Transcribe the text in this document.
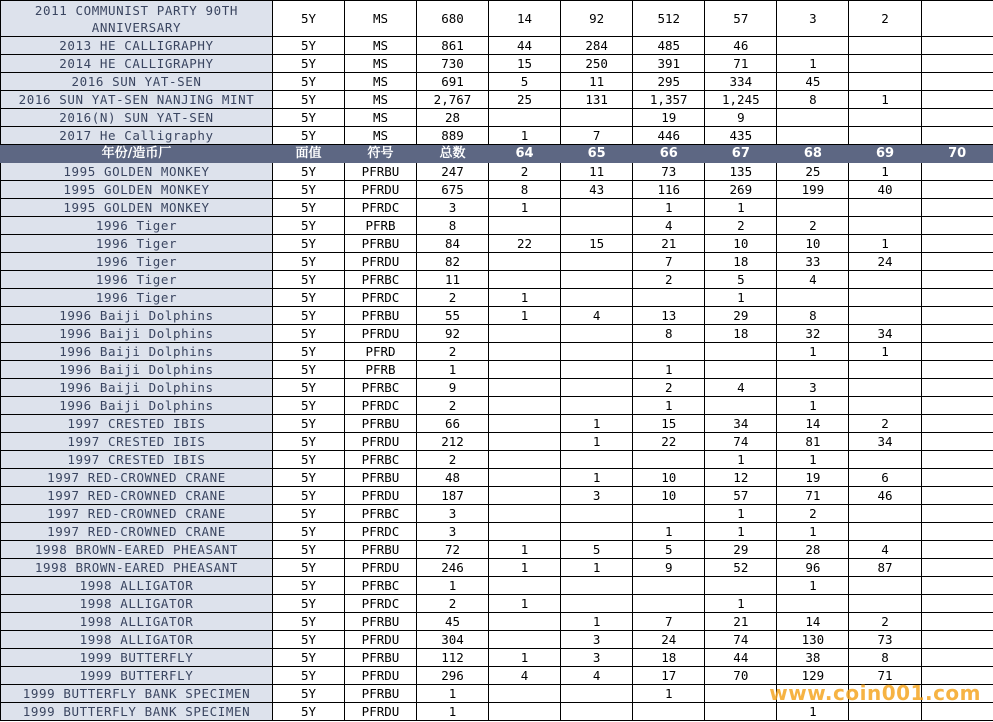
2011 COMMUNIST PARTY 90TH ANNIVERSARY	5Y	MS	680	14	92	512	57	3	2	
2013 HE CALLIGRAPHY	5Y	MS	861	44	284	485	46			
2014 HE CALLIGRAPHY	5Y	MS	730	15	250	391	71	1		
2016 SUN YAT-SEN	5Y	MS	691	5	11	295	334	45		
2016 SUN YAT-SEN NANJING MINT	5Y	MS	2,767	25	131	1,357	1,245	8	1	
2016(N) SUN YAT-SEN	5Y	MS	28			19	9			
2017 He Calligraphy	5Y	MS	889	1	7	446	435			
年份/造币厂	面值	符号	总数	64	65	66	67	68	69	70
1995 GOLDEN MONKEY	5Y	PFRBU	247	2	11	73	135	25	1	
1995 GOLDEN MONKEY	5Y	PFRDU	675	8	43	116	269	199	40	
1995 GOLDEN MONKEY	5Y	PFRDC	3	1		1	1			
1996 Tiger	5Y	PFRB	8			4	2	2		
1996 Tiger	5Y	PFRBU	84	22	15	21	10	10	1	
1996 Tiger	5Y	PFRDU	82			7	18	33	24	
1996 Tiger	5Y	PFRBC	11			2	5	4		
1996 Tiger	5Y	PFRDC	2	1			1			
1996 Baiji Dolphins	5Y	PFRBU	55	1	4	13	29	8		
1996 Baiji Dolphins	5Y	PFRDU	92			8	18	32	34	
1996 Baiji Dolphins	5Y	PFRD	2					1	1	
1996 Baiji Dolphins	5Y	PFRB	1			1				
1996 Baiji Dolphins	5Y	PFRBC	9			2	4	3		
1996 Baiji Dolphins	5Y	PFRDC	2			1		1		
1997 CRESTED IBIS	5Y	PFRBU	66		1	15	34	14	2	
1997 CRESTED IBIS	5Y	PFRDU	212		1	22	74	81	34	
1997 CRESTED IBIS	5Y	PFRBC	2				1	1		
1997 RED-CROWNED CRANE	5Y	PFRBU	48		1	10	12	19	6	
1997 RED-CROWNED CRANE	5Y	PFRDU	187		3	10	57	71	46	
1997 RED-CROWNED CRANE	5Y	PFRBC	3				1	2		
1997 RED-CROWNED CRANE	5Y	PFRDC	3			1	1	1		
1998 BROWN-EARED PHEASANT	5Y	PFRBU	72	1	5	5	29	28	4	
1998 BROWN-EARED PHEASANT	5Y	PFRDU	246	1	1	9	52	96	87	
1998 ALLIGATOR	5Y	PFRBC	1					1		
1998 ALLIGATOR	5Y	PFRDC	2	1			1			
1998 ALLIGATOR	5Y	PFRBU	45		1	7	21	14	2	
1998 ALLIGATOR	5Y	PFRDU	304		3	24	74	130	73	
1999 BUTTERFLY	5Y	PFRBU	112	1	3	18	44	38	8	
1999 BUTTERFLY	5Y	PFRDU	296	4	4	17	70	129	71	
1999 BUTTERFLY BANK SPECIMEN	5Y	PFRBU	1			1				
1999 BUTTERFLY BANK SPECIMEN	5Y	PFRDU	1					1		
www.coin001.com
